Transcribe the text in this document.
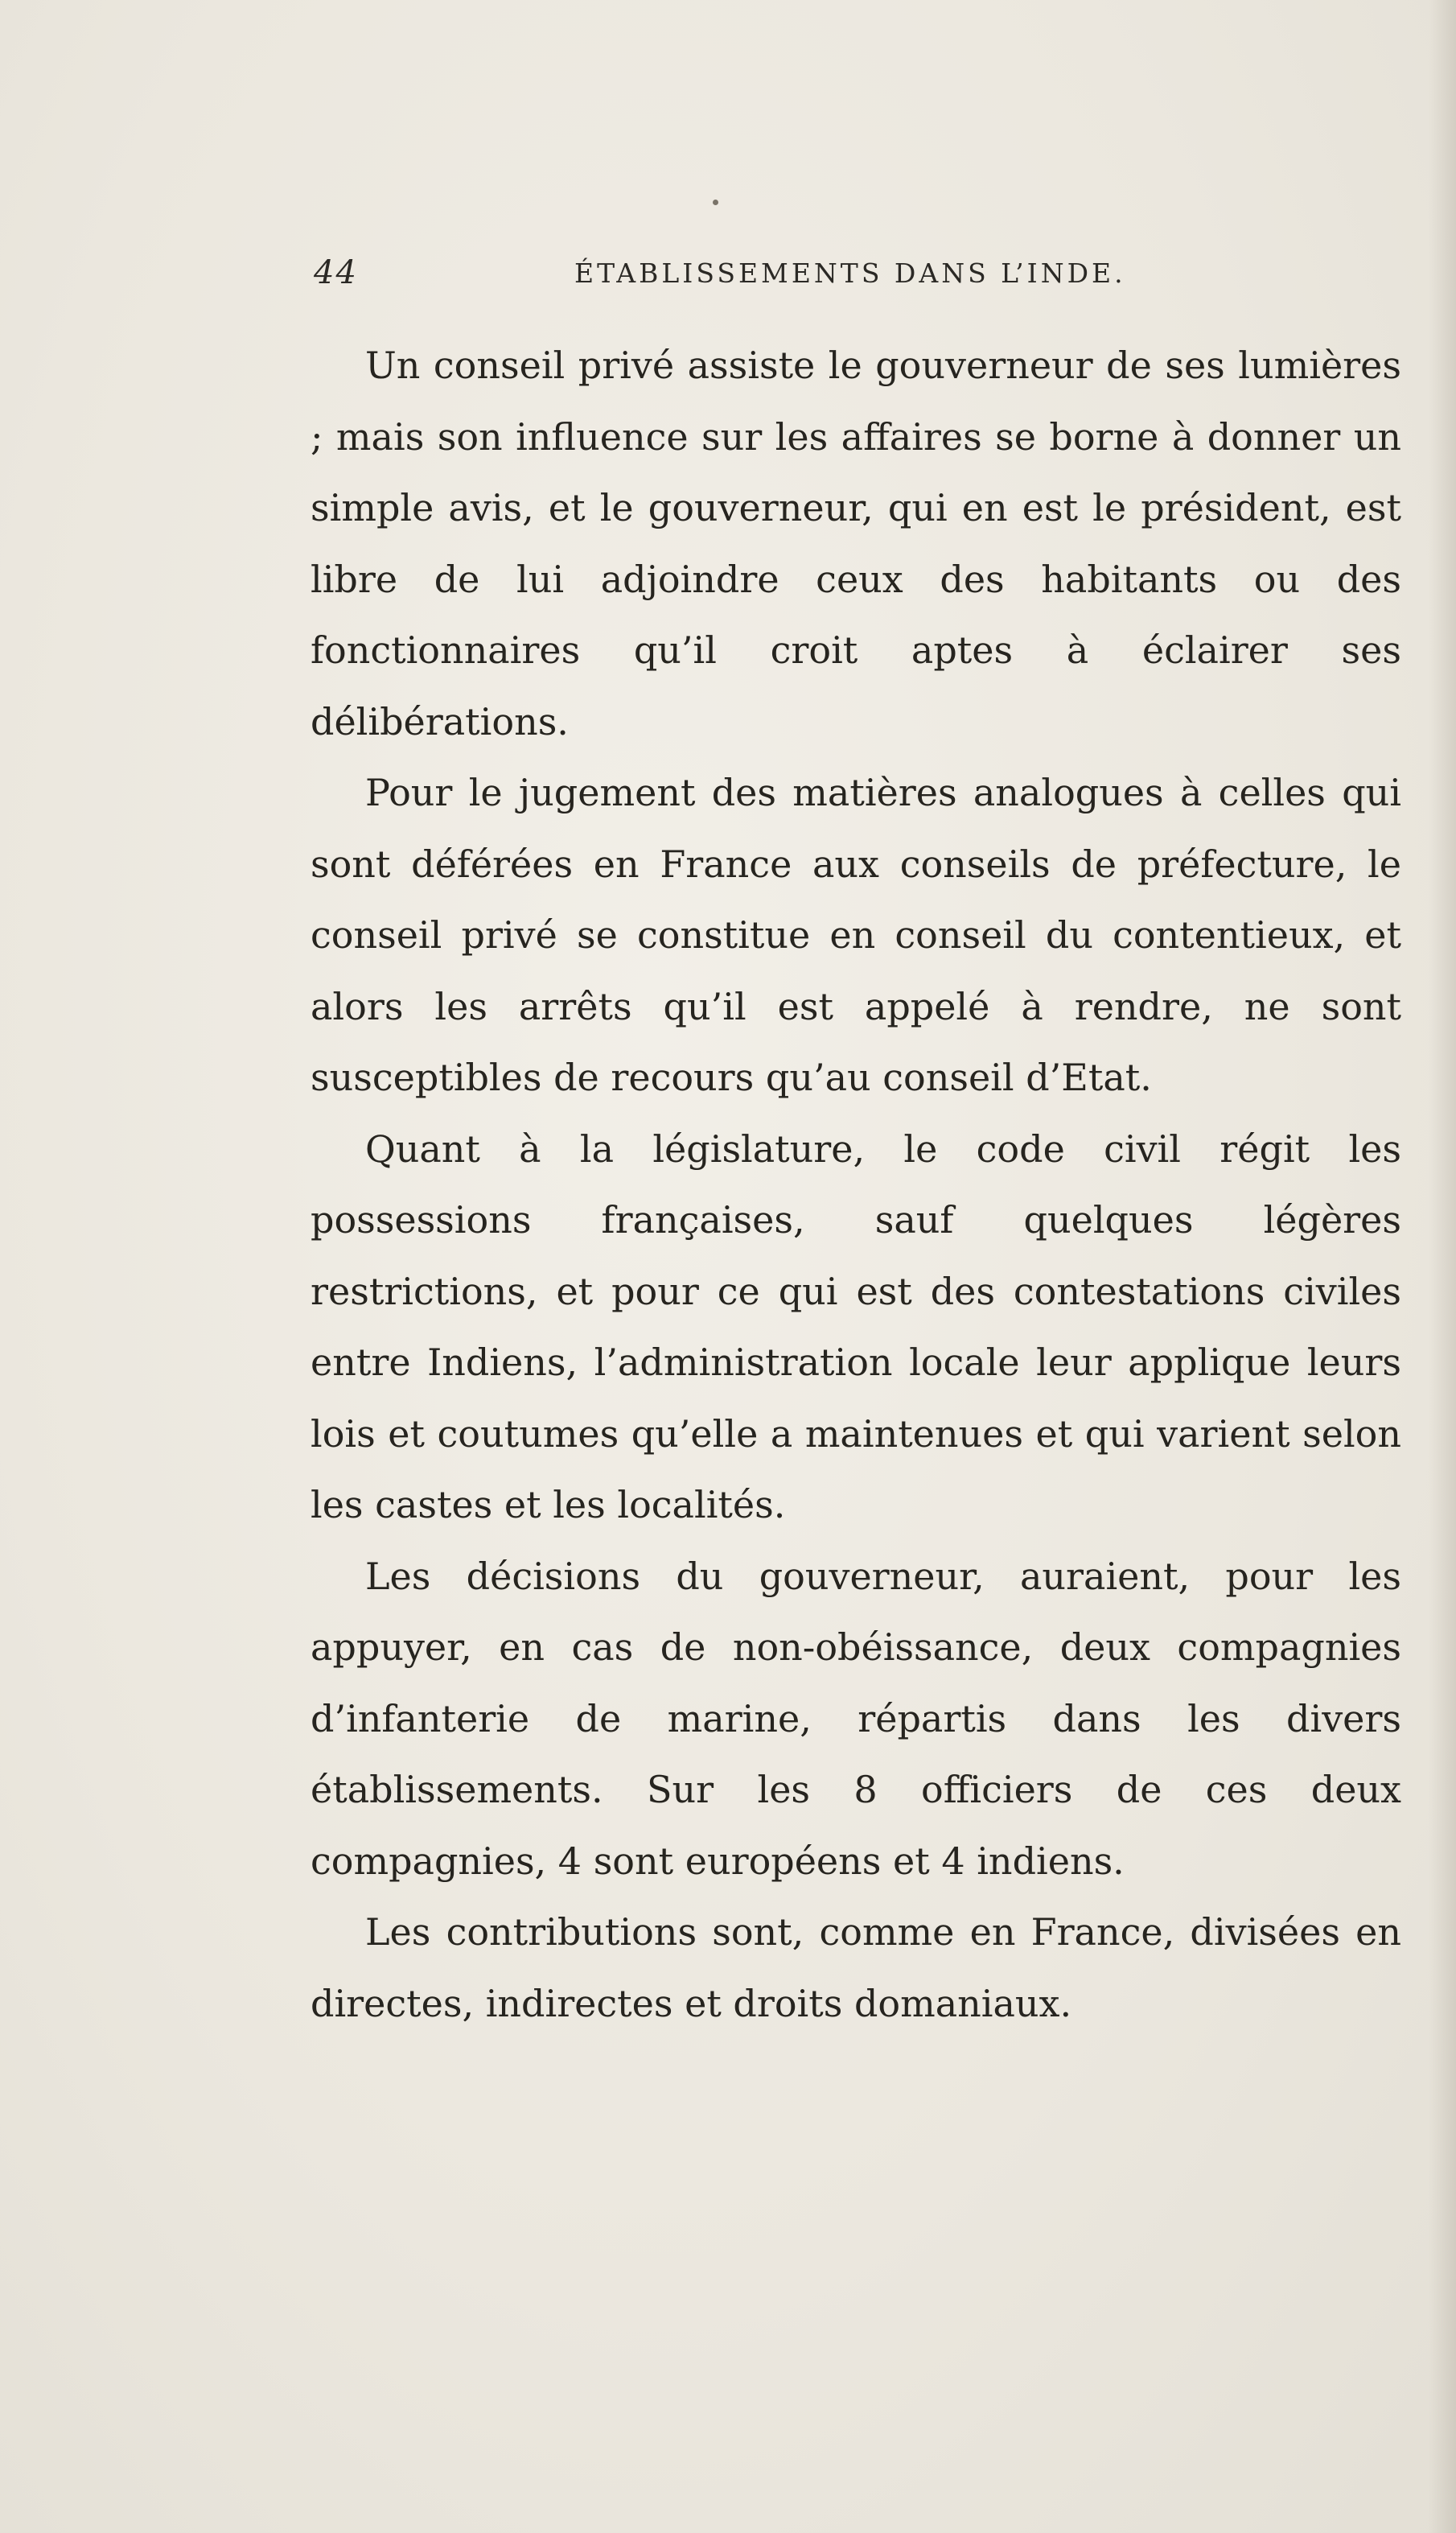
44	ÉTABLISSEMENTS DANS L’INDE.

Un conseil privé assiste le gouverneur de ses lumières ; mais son influence sur les affaires se borne à donner un simple avis, et le gouverneur, qui en est le président, est libre de lui adjoindre ceux des habitants ou des fonctionnaires qu’il croit aptes à éclairer ses délibérations.

Pour le jugement des matières analogues à celles qui sont déférées en France aux conseils de préfecture, le conseil privé se constitue en conseil du contentieux, et alors les arrêts qu’il est appelé à rendre, ne sont susceptibles de recours qu’au conseil d’Etat.

Quant à la législature, le code civil régit les possessions françaises, sauf quelques légères restrictions, et pour ce qui est des contestations civiles entre Indiens, l’administration locale leur applique leurs lois et coutumes qu’elle a maintenues et qui varient selon les castes et les localités.

Les décisions du gouverneur, auraient, pour les appuyer, en cas de non-obéissance, deux compagnies d’infanterie de marine, répartis dans les divers établissements. Sur les 8 officiers de ces deux compagnies, 4 sont européens et 4 indiens.

Les contributions sont, comme en France, divisées en directes, indirectes et droits domaniaux.
